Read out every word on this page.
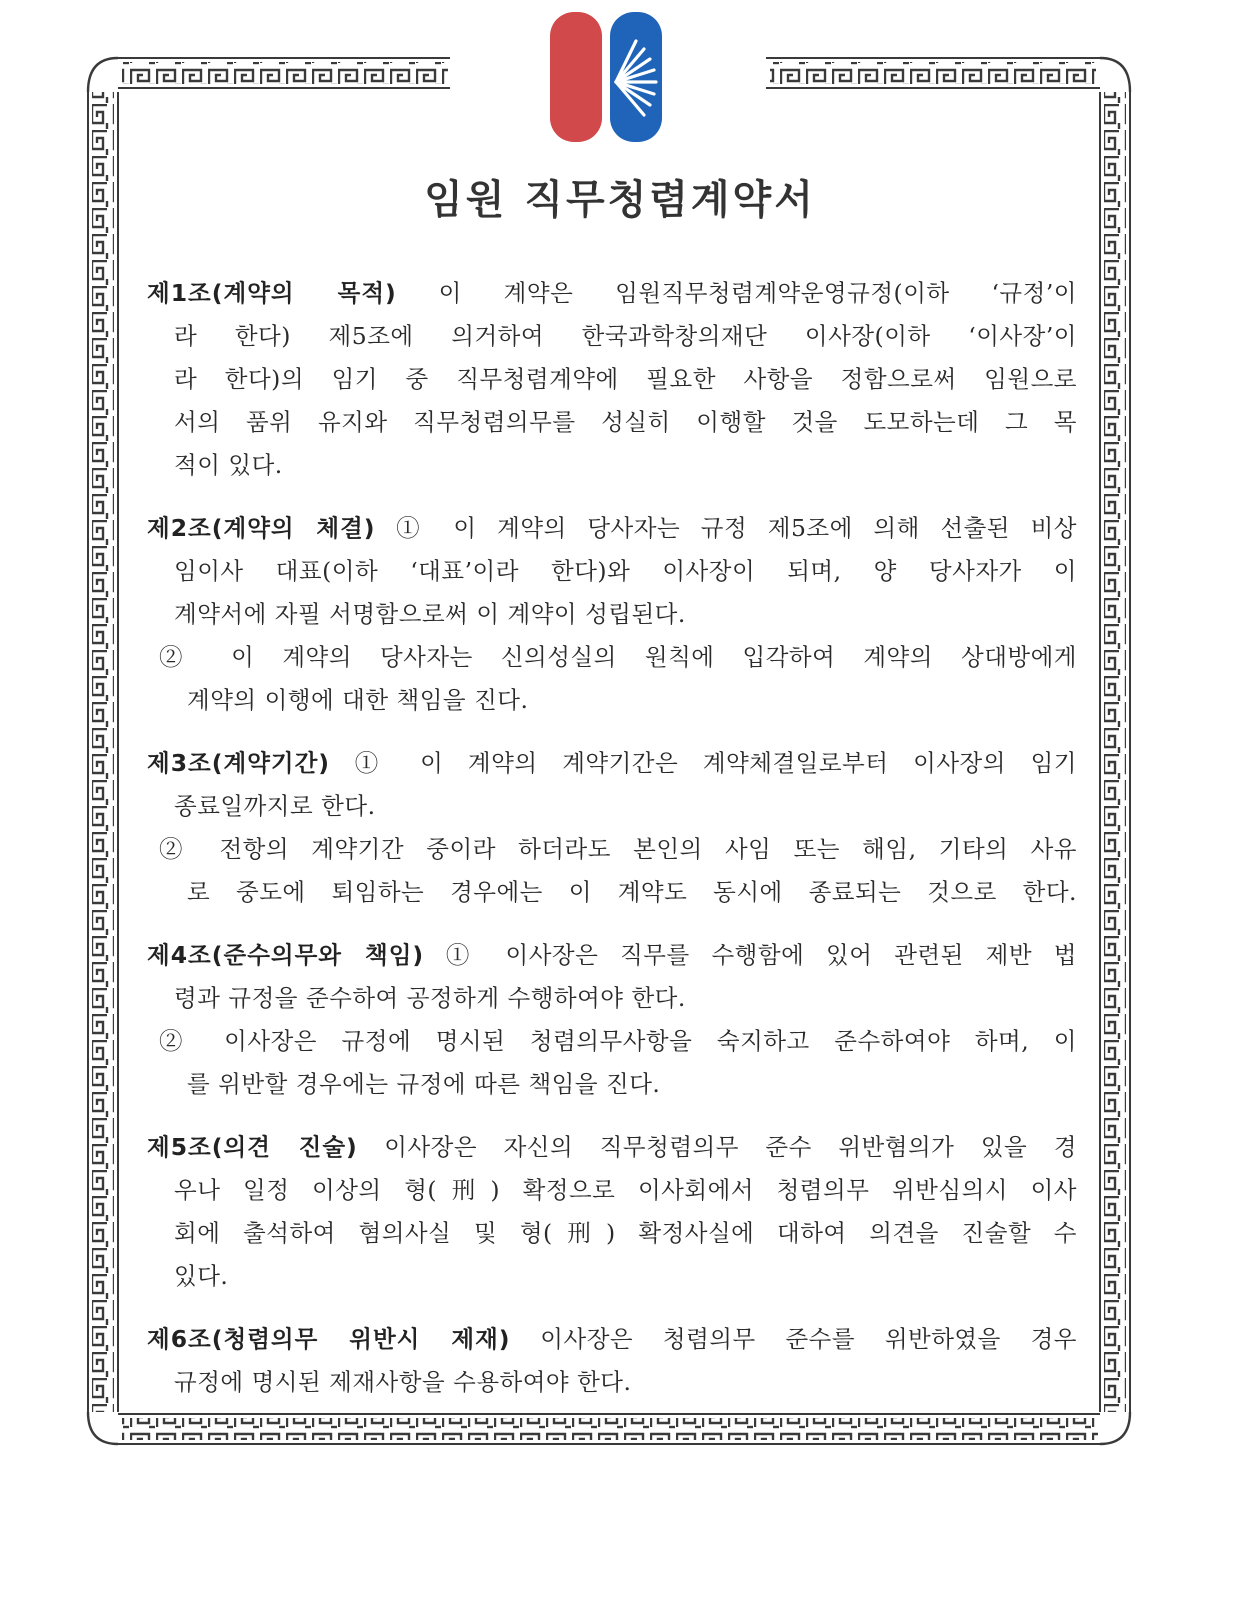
임원 직무청렴계약서
제1조(계약의 목적) 이 계약은 임원직무청렴계약운영규정(이하 ‘규정’이
라 한다) 제5조에 의거하여 한국과학창의재단 이사장(이하 ‘이사장’이
라 한다)의 임기 중 직무청렴계약에 필요한 사항을 정함으로써 임원으로
서의 품위 유지와 직무청렴의무를 성실히 이행할 것을 도모하는데 그 목
적이 있다.
제2조(계약의 체결) ① 이 계약의 당사자는 규정 제5조에 의해 선출된 비상
임이사 대표(이하 ‘대표’이라 한다)와 이사장이 되며, 양 당사자가 이
계약서에 자필 서명함으로써 이 계약이 성립된다.
② 이 계약의 당사자는 신의성실의 원칙에 입각하여 계약의 상대방에게
계약의 이행에 대한 책임을 진다.
제3조(계약기간) ① 이 계약의 계약기간은 계약체결일로부터 이사장의 임기
종료일까지로 한다.
② 전항의 계약기간 중이라 하더라도 본인의 사임 또는 해임, 기타의 사유
로 중도에 퇴임하는 경우에는 이 계약도 동시에 종료되는 것으로 한다.
제4조(준수의무와 책임) ① 이사장은 직무를 수행함에 있어 관련된 제반 법
령과 규정을 준수하여 공정하게 수행하여야 한다.
② 이사장은 규정에 명시된 청렴의무사항을 숙지하고 준수하여야 하며, 이
를 위반할 경우에는 규정에 따른 책임을 진다.
제5조(의견 진술) 이사장은 자신의 직무청렴의무 준수 위반혐의가 있을 경
우나 일정 이상의 형(刑) 확정으로 이사회에서 청렴의무 위반심의시 이사
회에 출석하여 혐의사실 및 형(刑) 확정사실에 대하여 의견을 진술할 수
있다.
제6조(청렴의무 위반시 제재) 이사장은 청렴의무 준수를 위반하였을 경우
규정에 명시된 제재사항을 수용하여야 한다.
